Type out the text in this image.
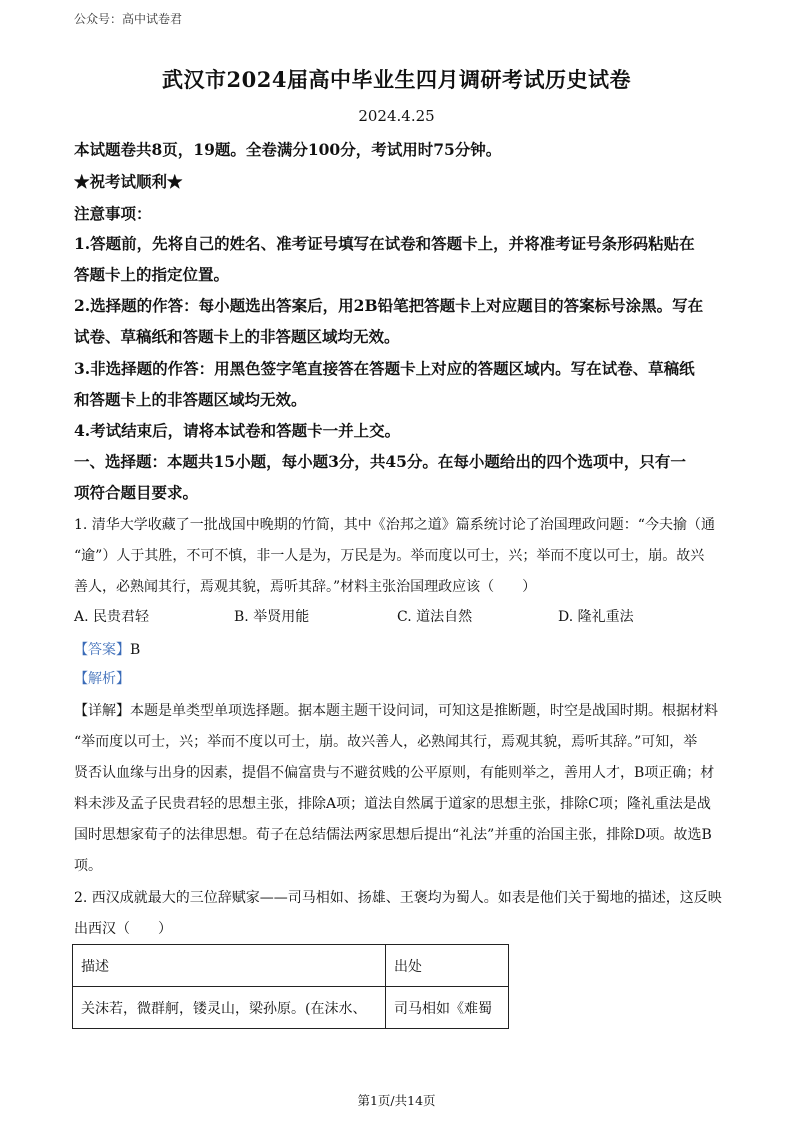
公众号：高中试卷君
武汉市2024届高中毕业生四月调研考试历史试卷
2024.4.25
本试题卷共8页，19题。全卷满分100分，考试用时75分钟。
★祝考试顺利★
注意事项：
1.答题前，先将自己的姓名、准考证号填写在试卷和答题卡上，并将准考证号条形码粘贴在
答题卡上的指定位置。
2.选择题的作答：每小题选出答案后，用2B铅笔把答题卡上对应题目的答案标号涂黑。写在
试卷、草稿纸和答题卡上的非答题区域均无效。
3.非选择题的作答：用黑色签字笔直接答在答题卡上对应的答题区域内。写在试卷、草稿纸
和答题卡上的非答题区域均无效。
4.考试结束后，请将本试卷和答题卡一并上交。
一、选择题：本题共15小题，每小题3分，共45分。在每小题给出的四个选项中，只有一
项符合题目要求。
1. 清华大学收藏了一批战国中晚期的竹简，其中《治邦之道》篇系统讨论了治国理政问题：“今夫揄（通
“逾”）人于其胜，不可不慎，非一人是为，万民是为。举而度以可士，兴；举而不度以可士，崩。故兴
善人，必熟闻其行，焉观其貌，焉听其辞。”材料主张治国理政应该（　　）
A. 民贵君轻	B. 举贤用能	C. 道法自然	D. 隆礼重法
【答案】B
【解析】
【详解】本题是单类型单项选择题。据本题主题干设问词，可知这是推断题，时空是战国时期。根据材料
“举而度以可士，兴；举而不度以可士，崩。故兴善人，必熟闻其行，焉观其貌，焉听其辞。”可知，举
贤否认血缘与出身的因素，提倡不偏富贵与不避贫贱的公平原则，有能则举之，善用人才，B项正确；材
料未涉及孟子民贵君轻的思想主张，排除A项；道法自然属于道家的思想主张，排除C项；隆礼重法是战
国时思想家荀子的法律思想。荀子在总结儒法两家思想后提出“礼法”并重的治国主张，排除D项。故选B
项。
2. 西汉成就最大的三位辞赋家——司马相如、扬雄、王褒均为蜀人。如表是他们关于蜀地的描述，这反映
出西汉（　　）
描述	出处
关沫若，微群舸，镂灵山，梁孙原。(在沫水、	司马相如《难蜀
第1页/共14页
